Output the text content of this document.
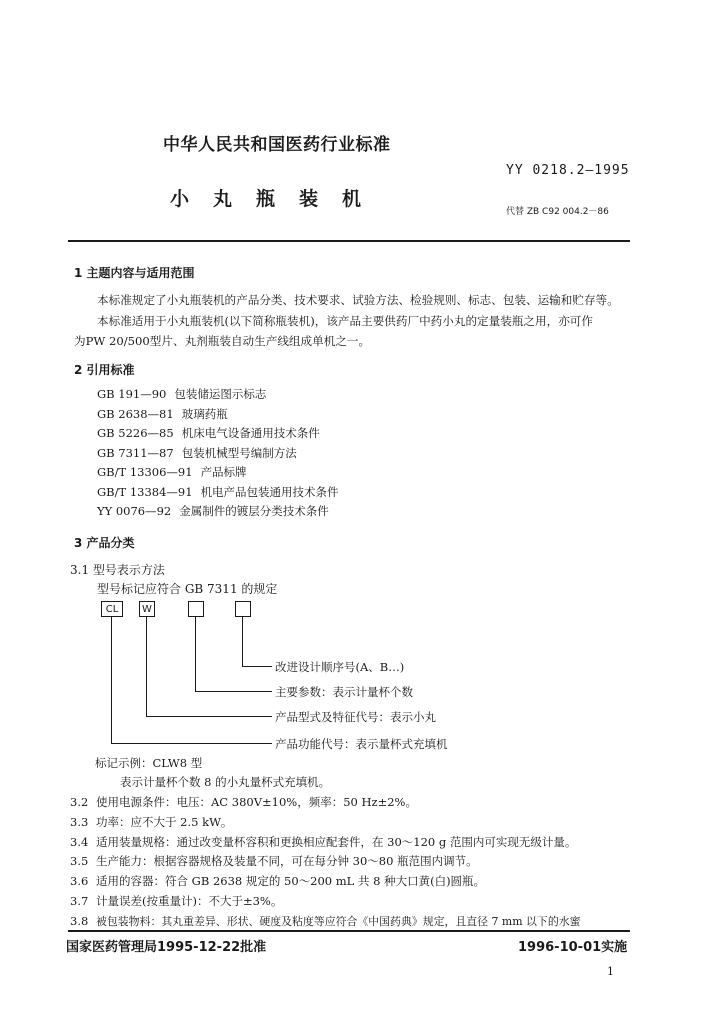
中华人民共和国医药行业标准
YY 0218.2—1995
小丸瓶装机
代替 ZB C92 004.2－86
1 主题内容与适用范围
本标准规定了小丸瓶装机的产品分类、技术要求、试验方法、检验规则、标志、包装、运输和贮存等。
本标准适用于小丸瓶装机(以下简称瓶装机)，该产品主要供药厂中药小丸的定量装瓶之用，亦可作
为PW 20/500型片、丸剂瓶装自动生产线组成单机之一。
2 引用标准
GB 191—90 包装储运图示标志
GB 2638—81 玻璃药瓶
GB 5226—85 机床电气设备通用技术条件
GB 7311—87 包装机械型号编制方法
GB/T 13306—91 产品标牌
GB/T 13384—91 机电产品包装通用技术条件
YY 0076—92 金属制件的镀层分类技术条件
3 产品分类
3.1 型号表示方法
型号标记应符合 GB 7311 的规定
CL	W
改进设计顺序号(A、B…)
主要参数：表示计量杯个数
产品型式及特征代号：表示小丸
产品功能代号：表示量杯式充填机
标记示例：CLW8 型
表示计量杯个数 8 的小丸量杯式充填机。
3.2 使用电源条件：电压：AC 380V±10%，频率：50 Hz±2%。
3.3 功率：应不大于 2.5 kW。
3.4 适用装量规格：通过改变量杯容积和更换相应配套件，在 30～120 g 范围内可实现无级计量。
3.5 生产能力：根据容器规格及装量不同，可在每分钟 30～80 瓶范围内调节。
3.6 适用的容器：符合 GB 2638 规定的 50～200 mL 共 8 种大口黄(白)圆瓶。
3.7 计量误差(按重量计)：不大于±3%。
3.8 被包装物料：其丸重差异、形状、硬度及粘度等应符合《中国药典》规定，且直径 7 mm 以下的水蜜
国家医药管理局1995-12-22批准	1996-10-01实施
1
